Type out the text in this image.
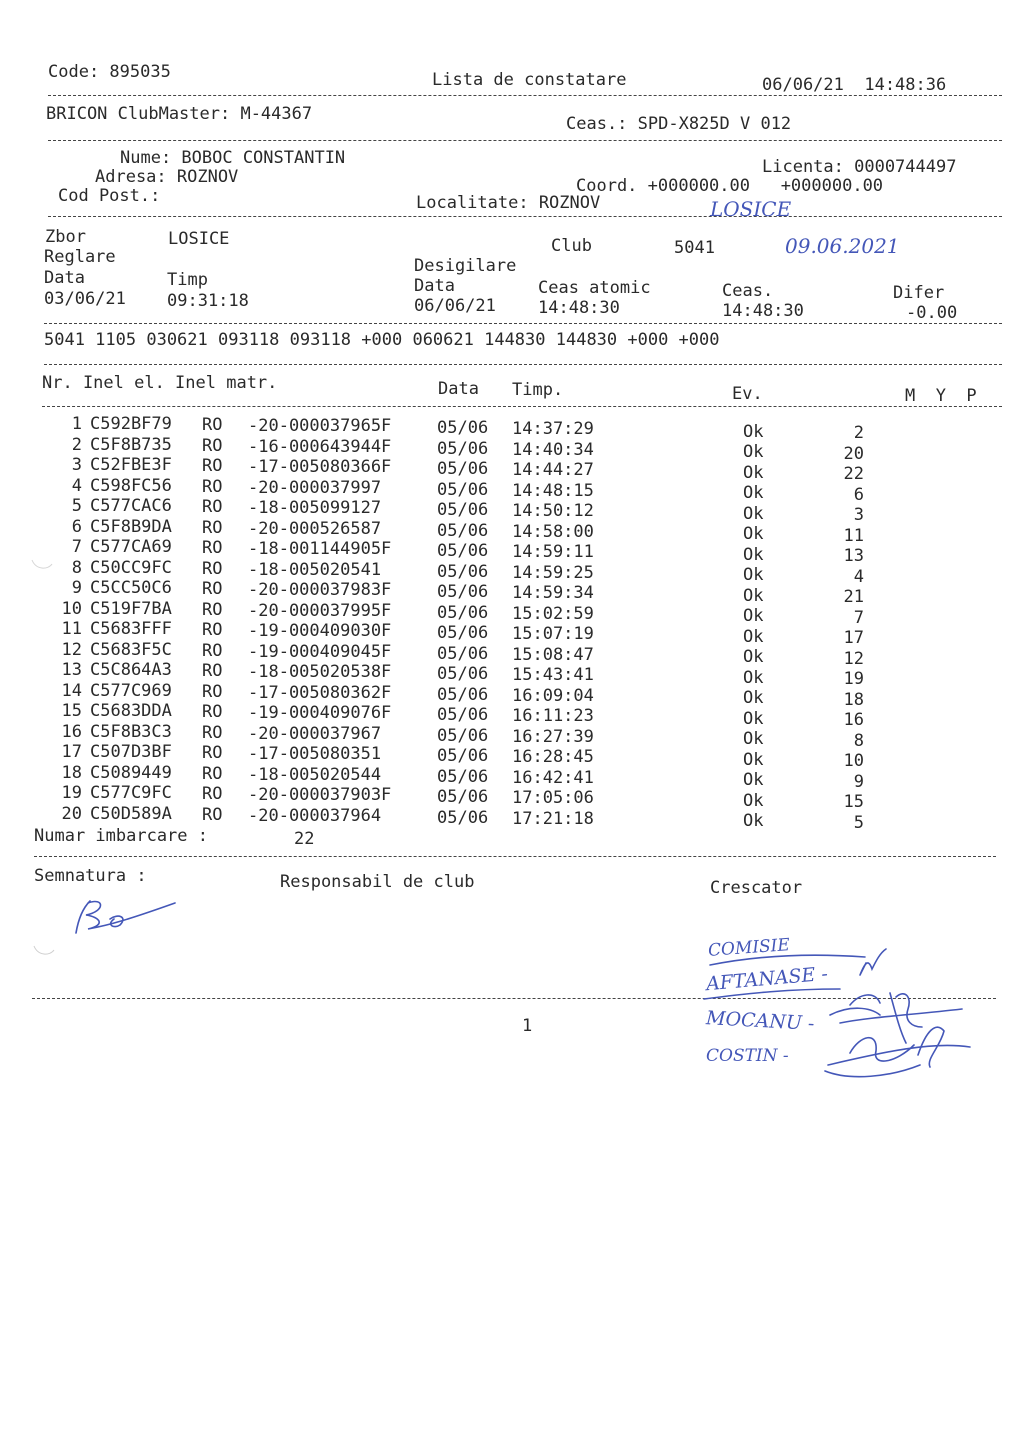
Code: 895035	Lista de constatare	06/06/21  14:48:36
BRICON ClubMaster: M-44367	Ceas.: SPD-X825D V 012
Nume: BOBOC CONSTANTIN
Adresa: ROZNOV
Cod Post.:
Licenta: 0000744497
Coord. +000000.00   +000000.00
Localitate: ROZNOV	LOSICE
Zbor	LOSICE	Club	5041	09.06.2021
Reglare	Desigilare
Data	Timp
03/06/21 09:31:18
Data	Ceas atomic	Ceas.	Difer
06/06/21 14:48:30	14:48:30	-0.00
5041 1105 030621 093118 093118 +000 060621 144830 144830 +000 +000
Nr. Inel el. Inel matr.	Data Timp.	Ev.	M  Y  P
1 C592BF79 RO -20-000037965F	05/06 14:37:29	Ok	2
2 C5F8B735 RO -16-000643944F	05/06 14:40:34	Ok	20
3 C52FBE3F RO -17-005080366F	05/06 14:44:27	Ok	22
4 C598FC56 RO -20-000037997	05/06 14:48:15	Ok	6
5 C577CAC6 RO -18-005099127	05/06 14:50:12	Ok	3
6 C5F8B9DA RO -20-000526587	05/06 14:58:00	Ok	11
7 C577CA69 RO -18-001144905F	05/06 14:59:11	Ok	13
8 C50CC9FC RO -18-005020541	05/06 14:59:25	Ok	4
9 C5CC50C6 RO -20-000037983F	05/06 14:59:34	Ok	21
10 C519F7BA RO -20-000037995F	05/06 15:02:59	Ok	7
11 C5683FFF RO -19-000409030F	05/06 15:07:19	Ok	17
12 C5683F5C RO -19-000409045F	05/06 15:08:47	Ok	12
13 C5C864A3 RO -18-005020538F	05/06 15:43:41	Ok	19
14 C577C969 RO -17-005080362F	05/06 16:09:04	Ok	18
15 C5683DDA RO -19-000409076F	05/06 16:11:23	Ok	16
16 C5F8B3C3 RO -20-000037967	05/06 16:27:39	Ok	8
17 C507D3BF RO -17-005080351	05/06 16:28:45	Ok	10
18 C5089449 RO -18-005020544	05/06 16:42:41	Ok	9
19 C577C9FC RO -20-000037903F	05/06 17:05:06	Ok	15
20 C50D589A RO -20-000037964	05/06 17:21:18	Ok	5
Numar imbarcare :	22
Semnatura :	Responsabil de club	Crescator
1
COMISIE
AFTANASE -
MOCANU -
COSTIN -
